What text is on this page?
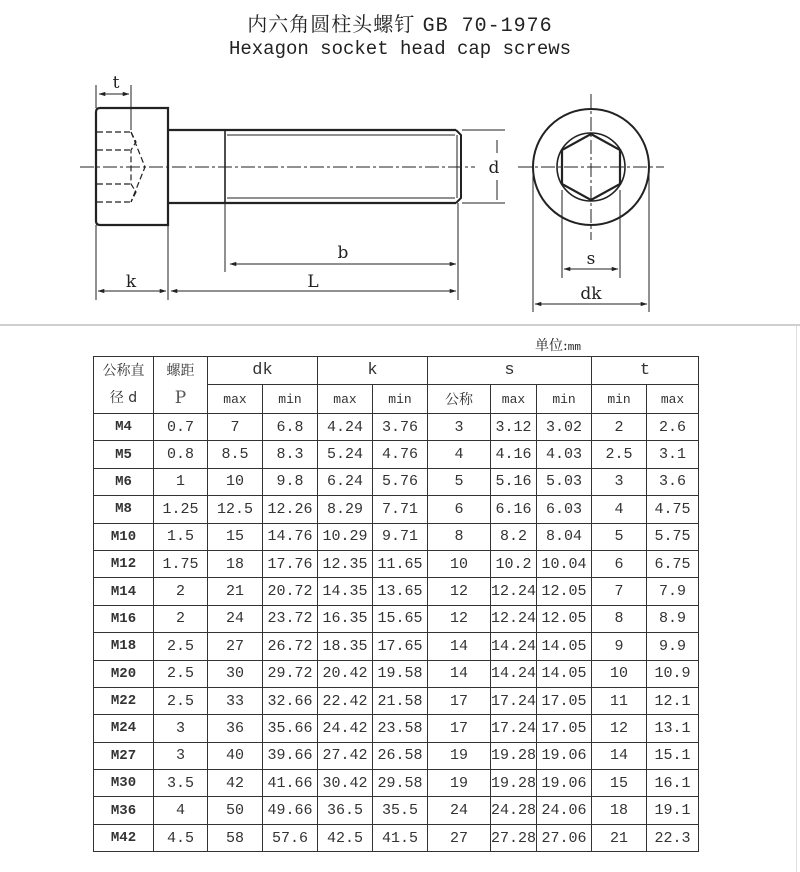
内六角圆柱头螺钉 GB 70-1976
Hexagon socket head cap screws
t
d
b
k	L
s
dk
单位:mm
公称直
径 d	螺距
P	dk		k		s			t	
		max	min	max	min	公称	max	min	min	max
M4	0.7	7	6.8	4.24	3.76	3	3.12	3.02	2	2.6
M5	0.8	8.5	8.3	5.24	4.76	4	4.16	4.03	2.5	3.1
M6	1	10	9.8	6.24	5.76	5	5.16	5.03	3	3.6
M8	1.25	12.5	12.26	8.29	7.71	6	6.16	6.03	4	4.75
M10	1.5	15	14.76	10.29	9.71	8	8.2	8.04	5	5.75
M12	1.75	18	17.76	12.35	11.65	10	10.2	10.04	6	6.75
M14	2	21	20.72	14.35	13.65	12	12.24	12.05	7	7.9
M16	2	24	23.72	16.35	15.65	12	12.24	12.05	8	8.9
M18	2.5	27	26.72	18.35	17.65	14	14.24	14.05	9	9.9
M20	2.5	30	29.72	20.42	19.58	14	14.24	14.05	10	10.9
M22	2.5	33	32.66	22.42	21.58	17	17.24	17.05	11	12.1
M24	3	36	35.66	24.42	23.58	17	17.24	17.05	12	13.1
M27	3	40	39.66	27.42	26.58	19	19.28	19.06	14	15.1
M30	3.5	42	41.66	30.42	29.58	19	19.28	19.06	15	16.1
M36	4	50	49.66	36.5	35.5	24	24.28	24.06	18	19.1
M42	4.5	58	57.6	42.5	41.5	27	27.28	27.06	21	22.3
